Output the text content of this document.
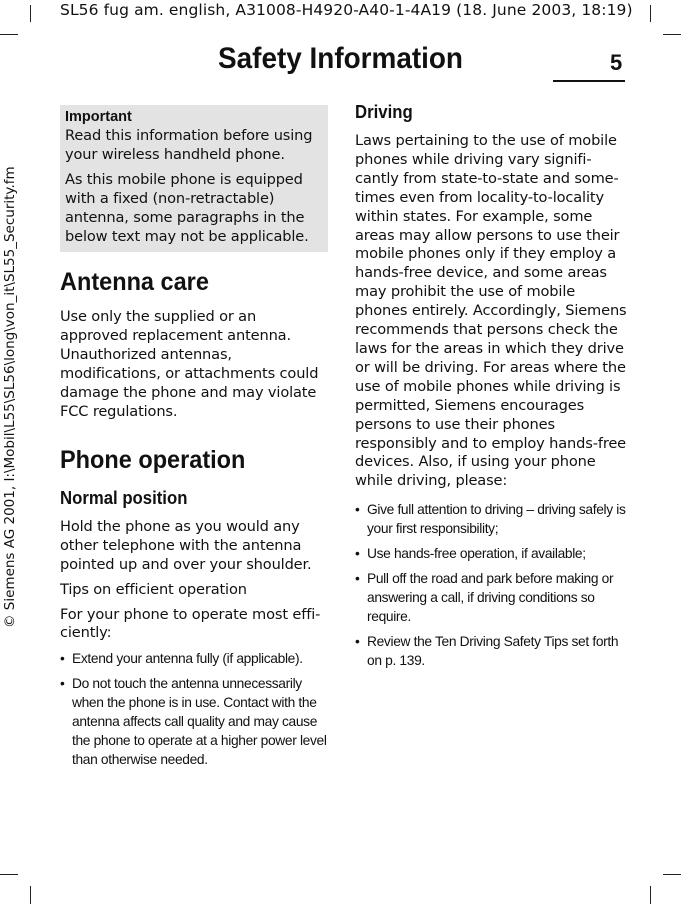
SL56 fug am. english, A31008-H4920-A40-1-4A19 (18. June 2003, 18:19)
Safety Information	5
© Siemens AG 2001, I:\Mobil\L55\SL56\long\von_it\SL55_Security.fm
Important

Read this information before using your wireless handheld phone.

As this mobile phone is equipped with a fixed (non-retractable) antenna, some paragraphs in the below text may not be applicable.

Antenna care

Use only the supplied or an approved replacement antenna. Unauthorized antennas, modifications, or attachments could damage the phone and may violate FCC regulations.

Phone operation
Normal position

Hold the phone as you would any other telephone with the antenna pointed up and over your shoulder.

Tips on efficient operation

For your phone to operate most efficiently:

• Extend your antenna fully (if applicable).
• Do not touch the antenna unnecessarily when the phone is in use. Contact with the antenna affects call quality and may cause the phone to operate at a higher power level than otherwise needed.
Driving

Laws pertaining to the use of mobile phones while driving vary significantly from state-to-state and sometimes even from locality-to-locality within states. For example, some areas may allow persons to use their mobile phones only if they employ a hands-free device, and some areas may prohibit the use of mobile phones entirely. Accordingly, Siemens recommends that persons check the laws for the areas in which they drive or will be driving. For areas where the use of mobile phones while driving is permitted, Siemens encourages persons to use their phones responsibly and to employ hands-free devices. Also, if using your phone while driving, please:

• Give full attention to driving – driving safely is your first responsibility;
• Use hands-free operation, if available;
• Pull off the road and park before making or answering a call, if driving conditions so require.
• Review the Ten Driving Safety Tips set forth on p. 139.
